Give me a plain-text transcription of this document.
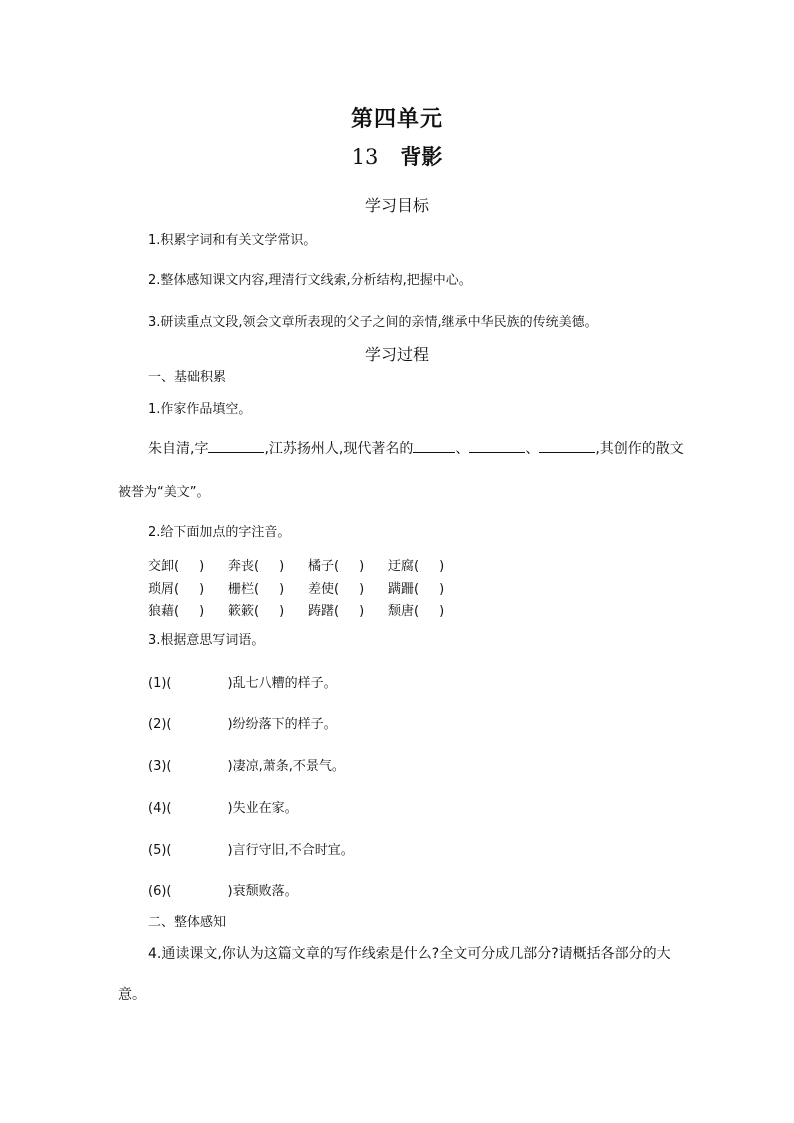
第四单元
13 背影
学习目标
1.积累字词和有关文学常识。
2.整体感知课文内容,理清行文线索,分析结构,把握中心。
3.研读重点文段,领会文章所表现的父子之间的亲情,继承中华民族的传统美德。
学习过程
一、基础积累
1.作家作品填空。
朱自清,字	,江苏扬州人,现代著名的	、	、	,其创作的散文
被誉为“美文”。
2.给下面加点的字注音。
交卸( ) 奔丧( ) 橘子( ) 迂腐( )
琐屑( ) 栅栏( ) 差使( ) 蹒跚( )
狼藉( ) 簌簌( ) 踌躇( ) 颓唐( )
3.根据意思写词语。
(1)(	)乱七八糟的样子。
(2)(	)纷纷落下的样子。
(3)(	)凄凉,萧条,不景气。
(4)(	)失业在家。
(5)(	)言行守旧,不合时宜。
(6)(	)衰颓败落。
二、整体感知
4.通读课文,你认为这篇文章的写作线索是什么?全文可分成几部分?请概括各部分的大
意。
